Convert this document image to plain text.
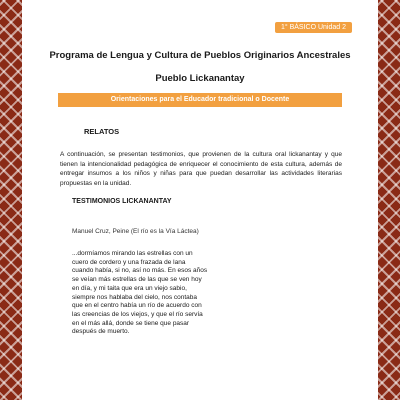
1° BÁSICO Unidad 2

Programa de Lengua y Cultura de Pueblos Originarios Ancestrales

Pueblo Lickanantay

Orientaciones para el Educador tradicional o Docente
RELATOS

A continuación, se presentan testimonios, que provienen de la cultura oral lickanantay y que tienen la intencionalidad pedagógica de enriquecer el conocimiento de esta cultura, además de entregar insumos a los niños y niñas para que puedan desarrollar las actividades literarias propuestas en la unidad.

TESTIMONIOS LICKANANTAY
Manuel Cruz, Peine (El río es la Vía Láctea)

...dormíamos mirando las estrellas con un
cuero de cordero y una frazada de lana
cuando había, si no, así no más. En esos años
se veían más estrellas de las que se ven hoy
en día, y mi taita que era un viejo sabio,
siempre nos hablaba del cielo, nos contaba
que en el centro había un río de acuerdo con
las creencias de los viejos, y que el río servía
en el más allá, donde se tiene que pasar
después de muerto.
